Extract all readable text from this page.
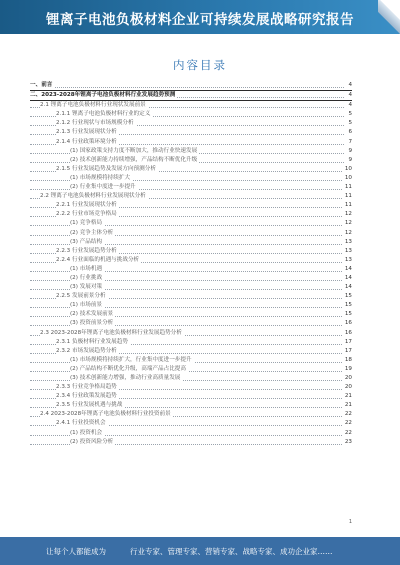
锂离子电池负极材料企业可持续发展战略研究报告
内容目录
一、前言	4
二、2023-2028年锂离子电池负极材料行业发展趋势预测	4
2.1 锂离子电池负极材料行业现状发展前景	4
2.1.1 锂离子电池负极材料行业的定义	5
2.1.2 行业现状与市场规模分析	5
2.1.3 行业发展现状分析	6
2.1.4 行业政策环境分析	7
(1) 国家政策支持力度不断加大，推动行业快速发展	9
(2) 技术创新能力持续增强，产品结构不断优化升级	9
2.1.5 行业发展趋势及发展方向预测分析	10
(1) 市场规模将持续扩大	10
(2) 行业集中度进一步提升	11
2.2 锂离子电池负极材料行业发展现状分析	11
2.2.1 行业发展现状分析	11
2.2.2 行业市场竞争格局	12
(1) 竞争格局	12
(2) 竞争主体分析	12
(3) 产品结构	13
2.2.3 行业发展趋势分析	13
2.2.4 行业面临的机遇与挑战分析	13
(1) 市场机遇	14
(2) 行业挑战	14
(3) 发展对策	14
2.2.5 发展前景分析	15
(1) 市场前景	15
(2) 技术发展前景	15
(3) 投资前景分析	16
2.3 2023-2028年锂离子电池负极材料行业发展趋势分析	16
2.3.1 负极材料行业发展趋势	17
2.3.2 市场发展趋势分析	17
(1) 市场规模将持续扩大，行业集中度进一步提升	18
(2) 产品结构不断优化升级，高端产品占比提高	19
(3) 技术创新能力增强，推动行业高质量发展	20
2.3.3 行业竞争格局趋势	20
2.3.4 行业政策发展趋势	21
2.3.5 行业发展机遇与挑战	21
2.4 2023-2028年锂离子电池负极材料行业投资前景	22
2.4.1 行业投资机会	22
(1) 投资机会	22
(2) 投资风险分析	23
1
让每个人都能成为	行业专家、管理专家、营销专家、战略专家、成功企业家……
